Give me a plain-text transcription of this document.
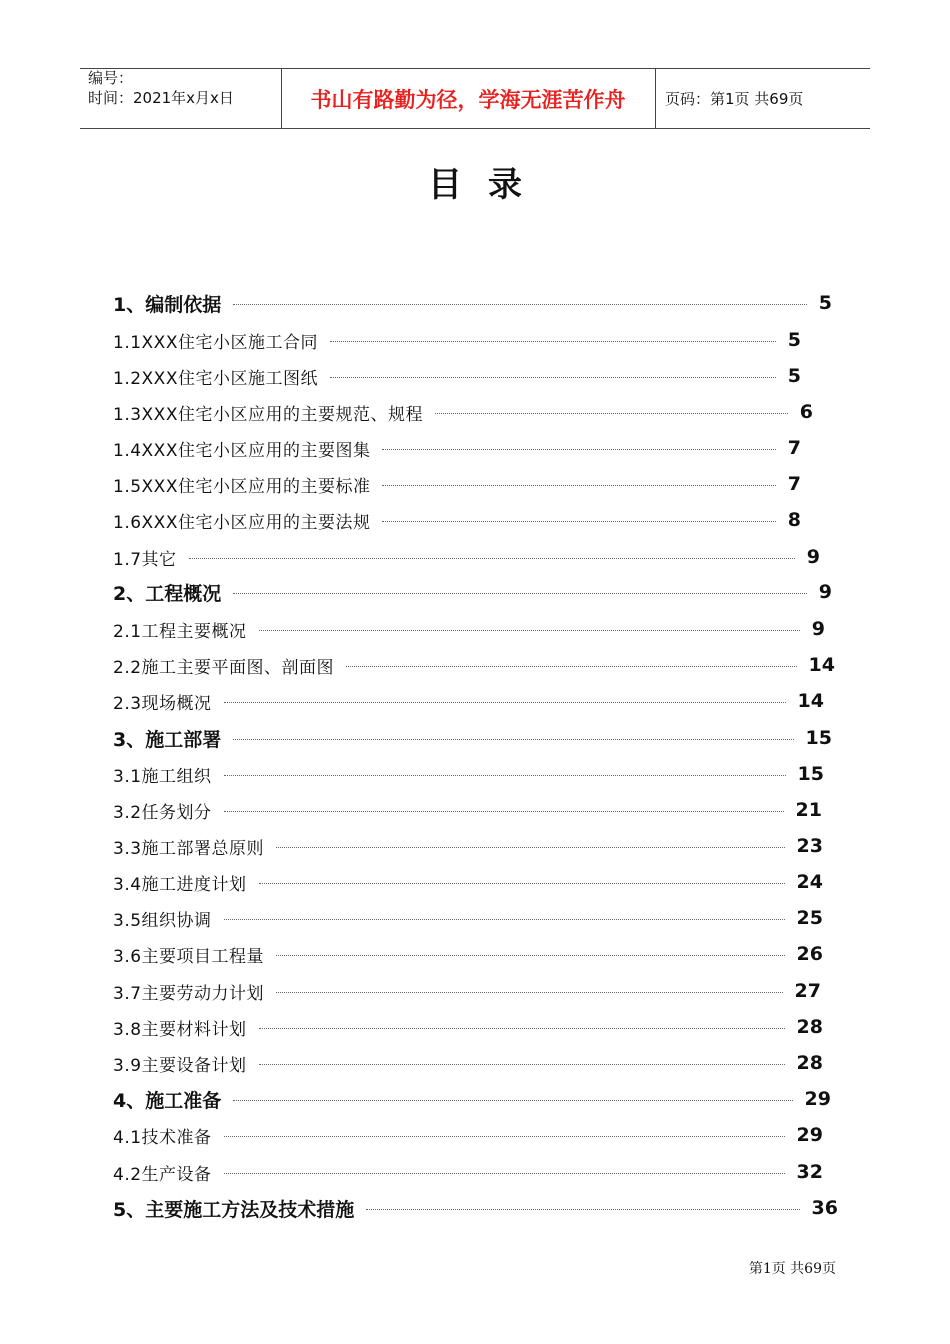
编号：
时间：2021年x月x日	书山有路勤为径，学海无涯苦作舟	页码：第1页 共69页
目录
1、编制依据	5
1.1XXX住宅小区施工合同	5
1.2XXX住宅小区施工图纸	5
1.3XXX住宅小区应用的主要规范、规程	6
1.4XXX住宅小区应用的主要图集	7
1.5XXX住宅小区应用的主要标准	7
1.6XXX住宅小区应用的主要法规	8
1.7其它	9
2、工程概况	9
2.1工程主要概况	9
2.2施工主要平面图、剖面图	14
2.3现场概况	14
3、施工部署	15
3.1施工组织	15
3.2任务划分	21
3.3施工部署总原则	23
3.4施工进度计划	24
3.5组织协调	25
3.6主要项目工程量	26
3.7主要劳动力计划	27
3.8主要材料计划	28
3.9主要设备计划	28
4、施工准备	29
4.1技术准备	29
4.2生产设备	32
5、主要施工方法及技术措施	36
第1页 共69页
